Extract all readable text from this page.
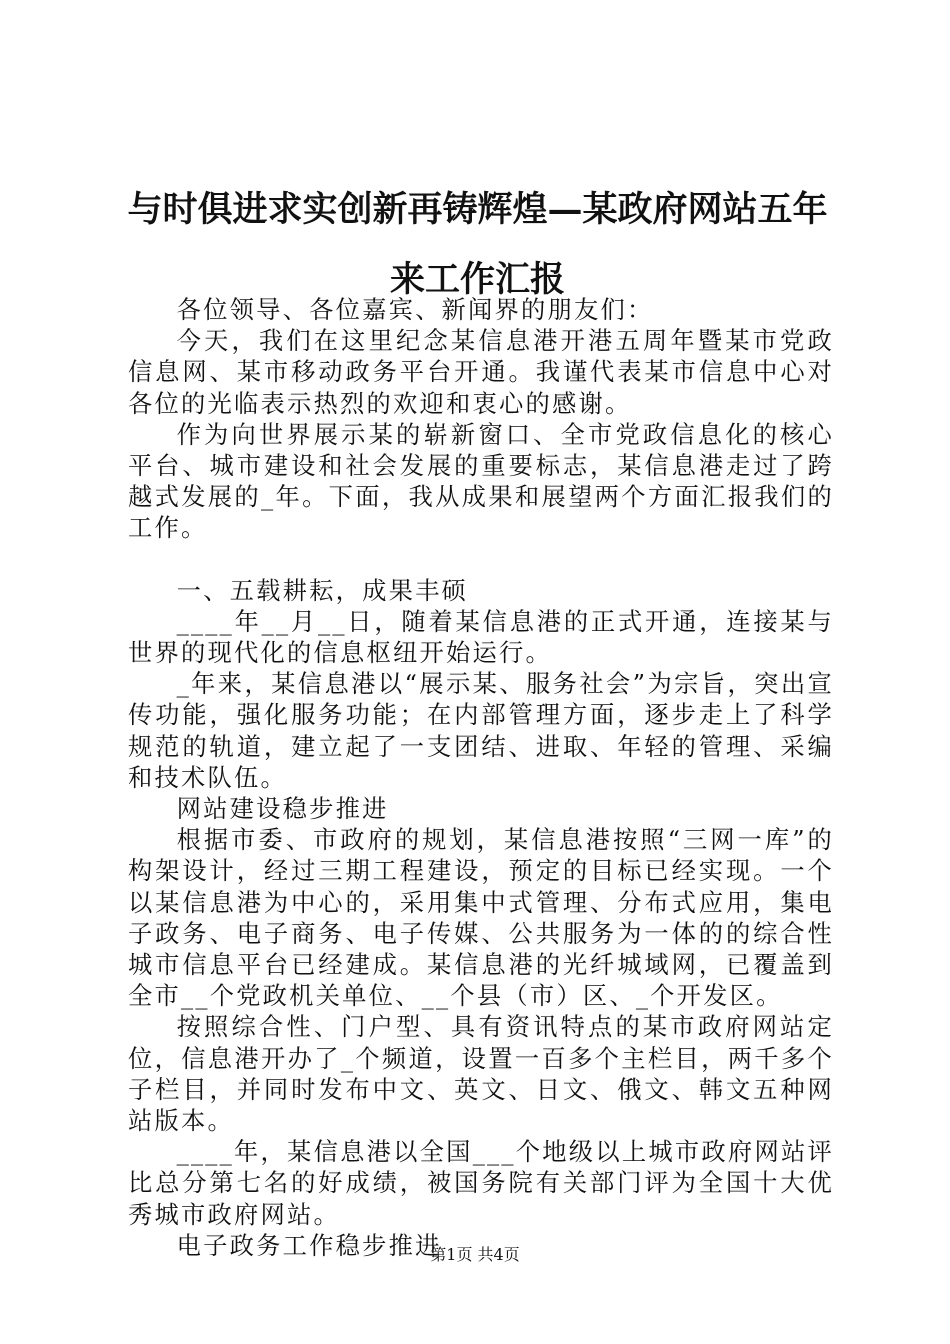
与时俱进求实创新再铸辉煌—某政府网站五年来工作汇报

各位领导、各位嘉宾、新闻界的朋友们：

今天，我们在这里纪念某信息港开港五周年暨某市党政信息网、某市移动政务平台开通。我谨代表某市信息中心对各位的光临表示热烈的欢迎和衷心的感谢。

作为向世界展示某的崭新窗口、全市党政信息化的核心平台、城市建设和社会发展的重要标志，某信息港走过了跨越式发展的_年。下面，我从成果和展望两个方面汇报我们的工作。

一、五载耕耘，成果丰硕

____年__月__日，随着某信息港的正式开通，连接某与世界的现代化的信息枢纽开始运行。

_年来，某信息港以“展示某、服务社会”为宗旨，突出宣传功能，强化服务功能；在内部管理方面，逐步走上了科学规范的轨道，建立起了一支团结、进取、年轻的管理、采编和技术队伍。

网站建设稳步推进

根据市委、市政府的规划，某信息港按照“三网一库”的构架设计，经过三期工程建设，预定的目标已经实现。一个以某信息港为中心的，采用集中式管理、分布式应用，集电子政务、电子商务、电子传媒、公共服务为一体的的综合性城市信息平台已经建成。某信息港的光纤城域网，已覆盖到全市__个党政机关单位、__个县（市）区、_个开发区。

按照综合性、门户型、具有资讯特点的某市政府网站定位，信息港开办了_个频道，设置一百多个主栏目，两千多个子栏目，并同时发布中文、英文、日文、俄文、韩文五种网站版本。

____年，某信息港以全国___个地级以上城市政府网站评比总分第七名的好成绩，被国务院有关部门评为全国十大优秀城市政府网站。

电子政务工作稳步推进

第1页 共4页
